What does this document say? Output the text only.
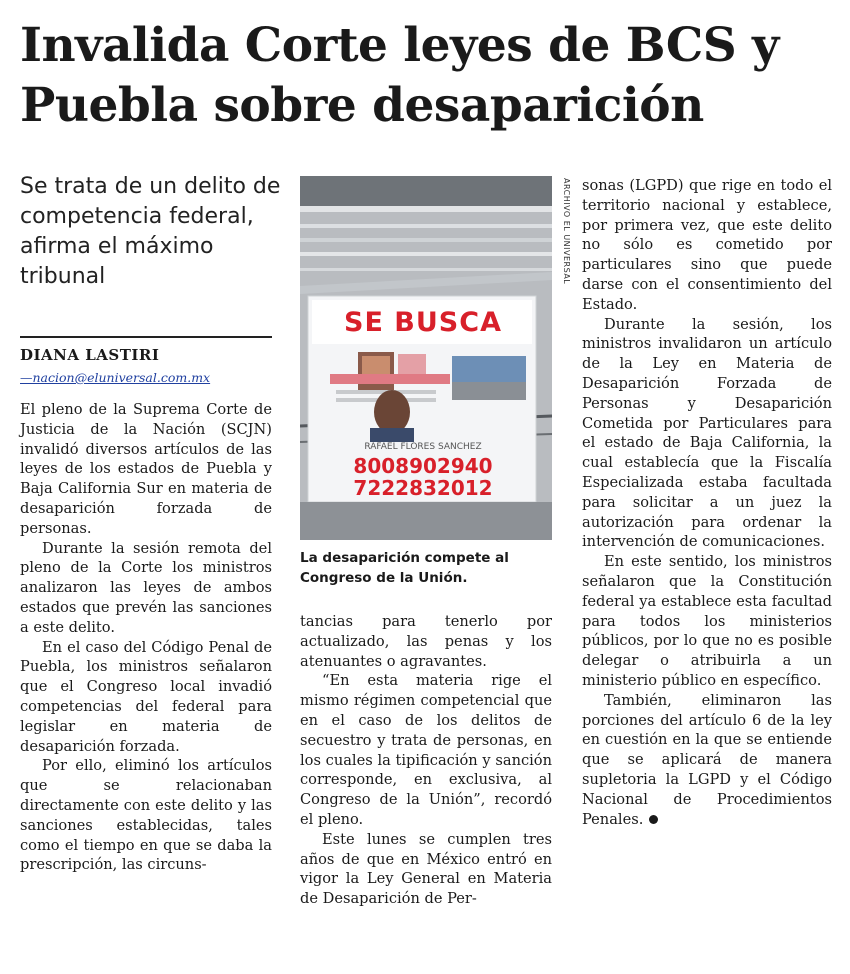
Invalida Corte leyes de BCS y Puebla sobre desaparición

Se trata de un delito de competencia federal, afirma el máximo tribunal

DIANA LASTIRI
—nacion@eluniversal.com.mx

El pleno de la Suprema Corte de Justicia de la Nación (SCJN) invalidó diversos artículos de las leyes de los estados de Puebla y Baja California Sur en materia de desaparición forzada de personas.

Durante la sesión remota del pleno de la Corte los ministros analizaron las leyes de ambos estados que prevén las sanciones a este delito.

En el caso del Código Penal de Puebla, los ministros señalaron que el Congreso local invadió competencias del federal para legislar en materia de desaparición forzada.

Por ello, eliminó los artículos que se relacionaban directamente con este delito y las sanciones establecidas, tales como el tiempo en que se daba la prescripción, las circuns-

SE BUSCA
RAFAEL FLORES SANCHEZ
8008902940
7222832012
ARCHIVO EL UNIVERSAL

La desaparición compete al Congreso de la Unión.

tancias para tenerlo por actualizado, las penas y los atenuantes o agravantes.

“En esta materia rige el mismo régimen competencial que en el caso de los delitos de secuestro y trata de personas, en los cuales la tipificación y sanción corresponde, en exclusiva, al Congreso de la Unión”, recordó el pleno.

Este lunes se cumplen tres años de que en México entró en vigor la Ley General en Materia de Desaparición de Per-

sonas (LGPD) que rige en todo el territorio nacional y establece, por primera vez, que este delito no sólo es cometido por particulares sino que puede darse con el consentimiento del Estado.

Durante la sesión, los ministros invalidaron un artículo de la Ley en Materia de Desaparición Forzada de Personas y Desaparición Cometida por Particulares para el estado de Baja California, la cual establecía que la Fiscalía Especializada estaba facultada para solicitar a un juez la autorización para ordenar la intervención de comunicaciones.

En este sentido, los ministros señalaron que la Constitución federal ya establece esta facultad para todos los ministerios públicos, por lo que no es posible delegar o atribuirla a un ministerio público en específico.

También, eliminaron las porciones del artículo 6 de la ley en cuestión en la que se entiende que se aplicará de manera supletoria la LGPD y el Código Nacional de Procedimientos Penales.
